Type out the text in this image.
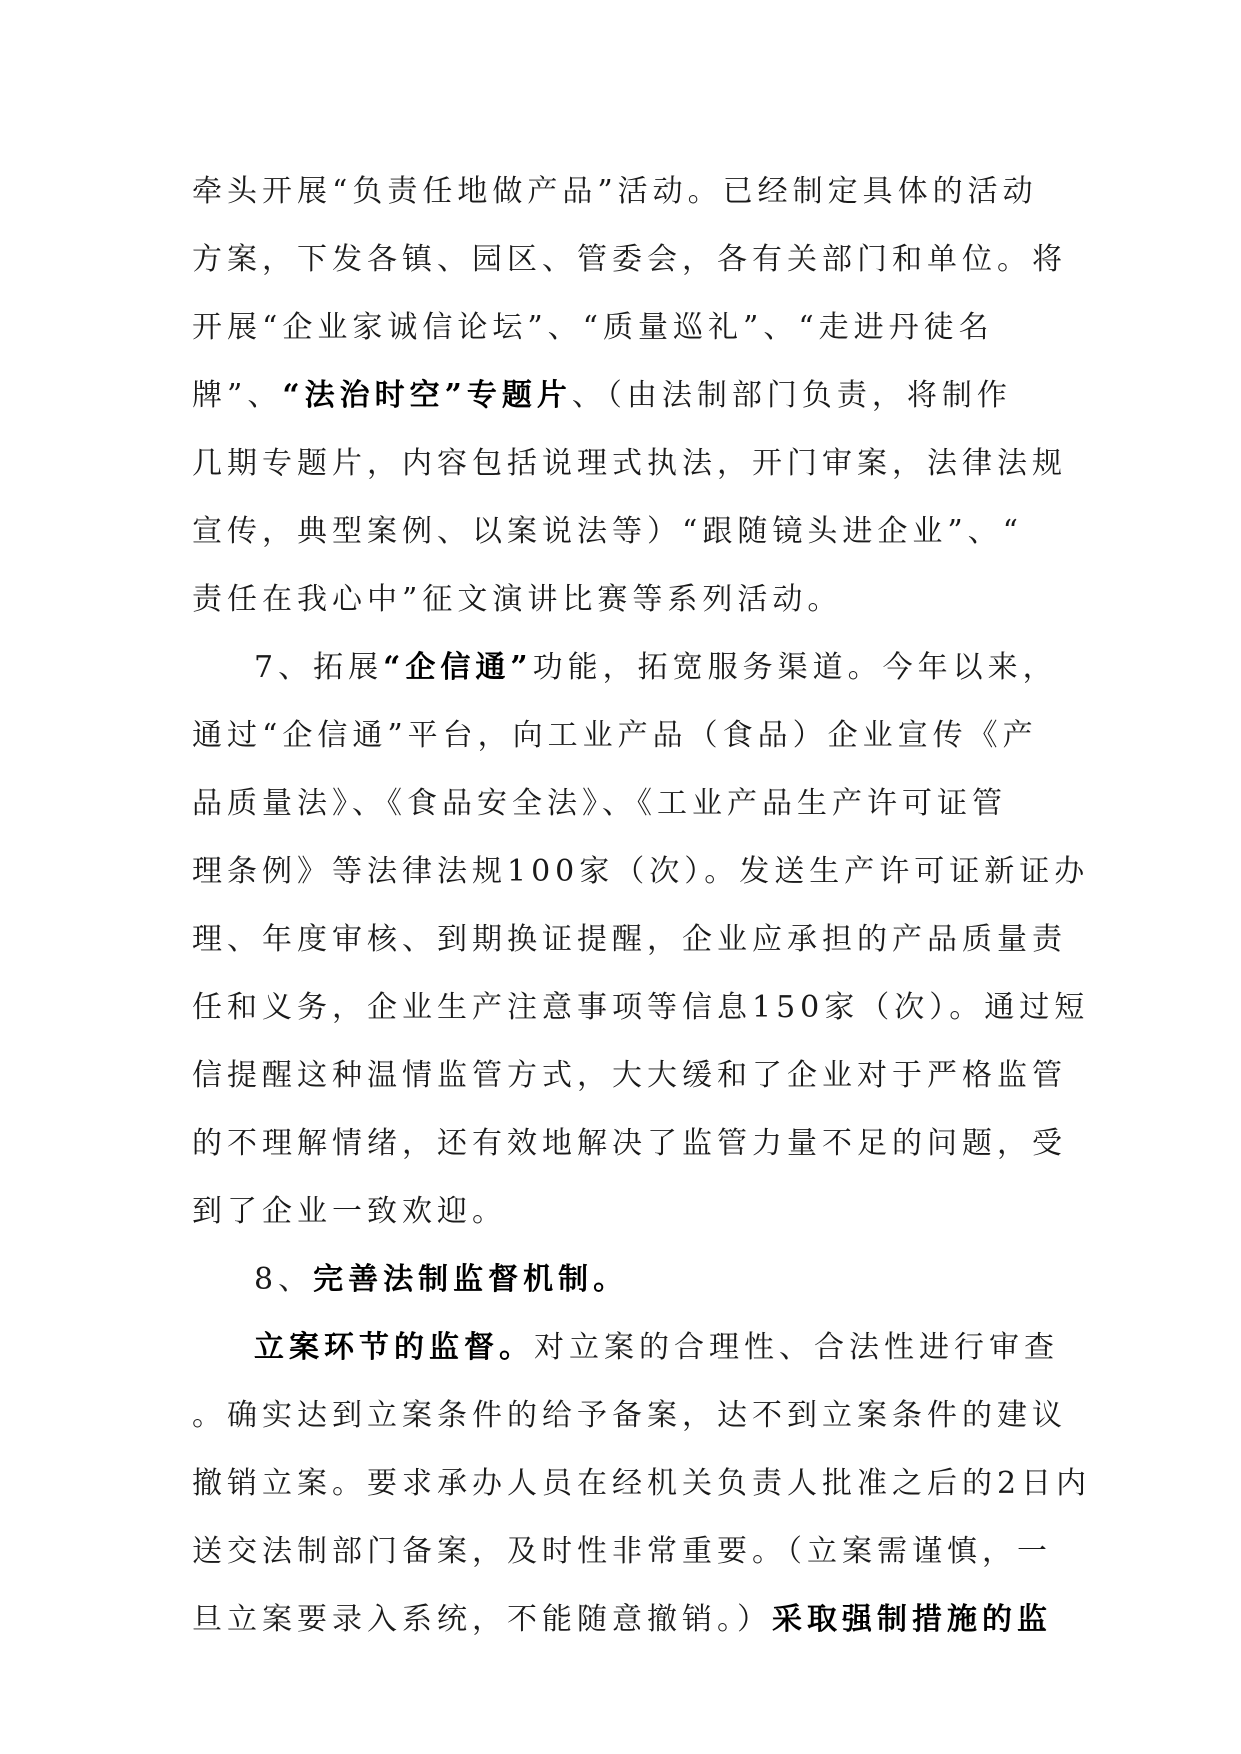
牵头开展“负责任地做产品”活动。已经制定具体的活动
方案，下发各镇、园区、管委会，各有关部门和单位。将
开展“企业家诚信论坛”、“质量巡礼”、“走进丹徒名
牌”、“法治时空”专题片、（由法制部门负责，将制作
几期专题片，内容包括说理式执法，开门审案，法律法规
宣传，典型案例、以案说法等）“跟随镜头进企业”、“
责任在我心中”征文演讲比赛等系列活动。
7、拓展“企信通”功能，拓宽服务渠道。今年以来，
通过“企信通”平台，向工业产品（食品）企业宣传《产
品质量法》、《食品安全法》、《工业产品生产许可证管
理条例》等法律法规100家（次）。发送生产许可证新证办
理、年度审核、到期换证提醒，企业应承担的产品质量责
任和义务，企业生产注意事项等信息150家（次）。通过短
信提醒这种温情监管方式，大大缓和了企业对于严格监管
的不理解情绪，还有效地解决了监管力量不足的问题，受
到了企业一致欢迎。
8、完善法制监督机制。
立案环节的监督。对立案的合理性、合法性进行审查
。确实达到立案条件的给予备案，达不到立案条件的建议
撤销立案。要求承办人员在经机关负责人批准之后的2日内
送交法制部门备案，及时性非常重要。（立案需谨慎，一
旦立案要录入系统，不能随意撤销。）采取强制措施的监
